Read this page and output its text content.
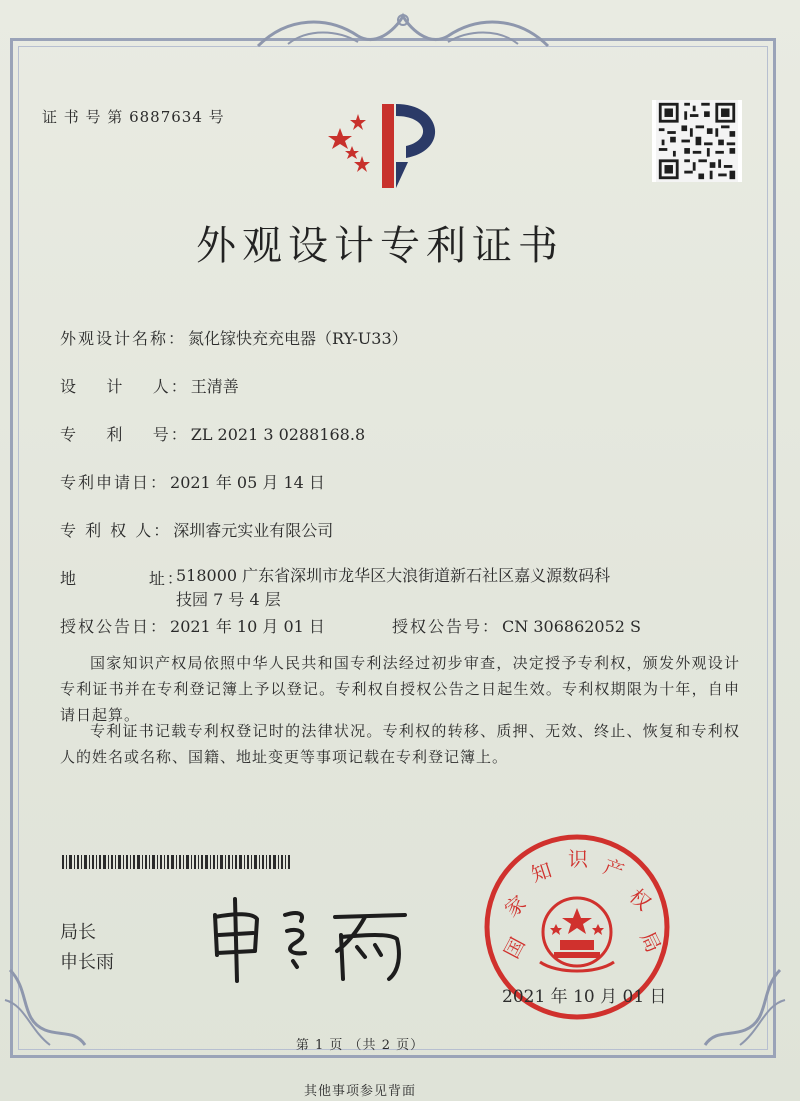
证 书 号 第 6887634 号
外观设计专利证书
外观设计名称： 氮化镓快充充电器（RY-U33）
设    计    人： 王清善
专    利    号： ZL 2021 3 0288168.8
专利申请日： 2021 年 05 月 14 日
专 利 权 人： 深圳睿元实业有限公司
地          址：
518000 广东省深圳市龙华区大浪街道新石社区嘉义源数码科技园 7 号 4 层
授权公告日： 2021 年 10 月 01 日	授权公告号： CN 306862052 S
国家知识产权局依照中华人民共和国专利法经过初步审查，决定授予专利权，颁发外观设计专利证书并在专利登记簿上予以登记。专利权自授权公告之日起生效。专利权期限为十年，自申请日起算。
专利证书记载专利权登记时的法律状况。专利权的转移、质押、无效、终止、恢复和专利权人的姓名或名称、国籍、地址变更等事项记载在专利登记簿上。
局长
申长雨
国
家
知 识 产
权
局
2021 年 10 月 01 日
第 1 页 （共 2 页）
其他事项参见背面
